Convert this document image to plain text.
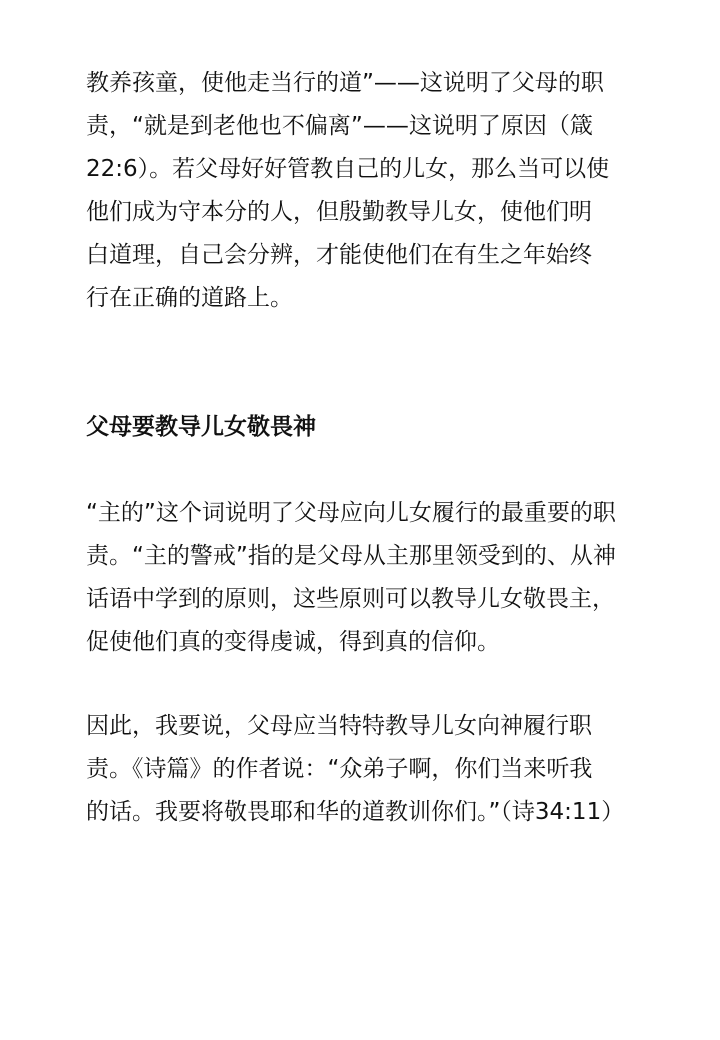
教养孩童，使他走当行的道”——这说明了父母的职
责，“就是到老他也不偏离”——这说明了原因（箴
22:6）。若父母好好管教自己的儿女，那么当可以使
他们成为守本分的人，但殷勤教导儿女，使他们明
白道理，自己会分辨，才能使他们在有生之年始终
行在正确的道路上。

父母要教导儿女敬畏神

“主的”这个词说明了父母应向儿女履行的最重要的职
责。“主的警戒”指的是父母从主那里领受到的、从神
话语中学到的原则，这些原则可以教导儿女敬畏主，
促使他们真的变得虔诚，得到真的信仰。

因此，我要说，父母应当特特教导儿女向神履行职
责。《诗篇》的作者说：“众弟子啊，你们当来听我
的话。我要将敬畏耶和华的道教训你们。”（诗34:11）
